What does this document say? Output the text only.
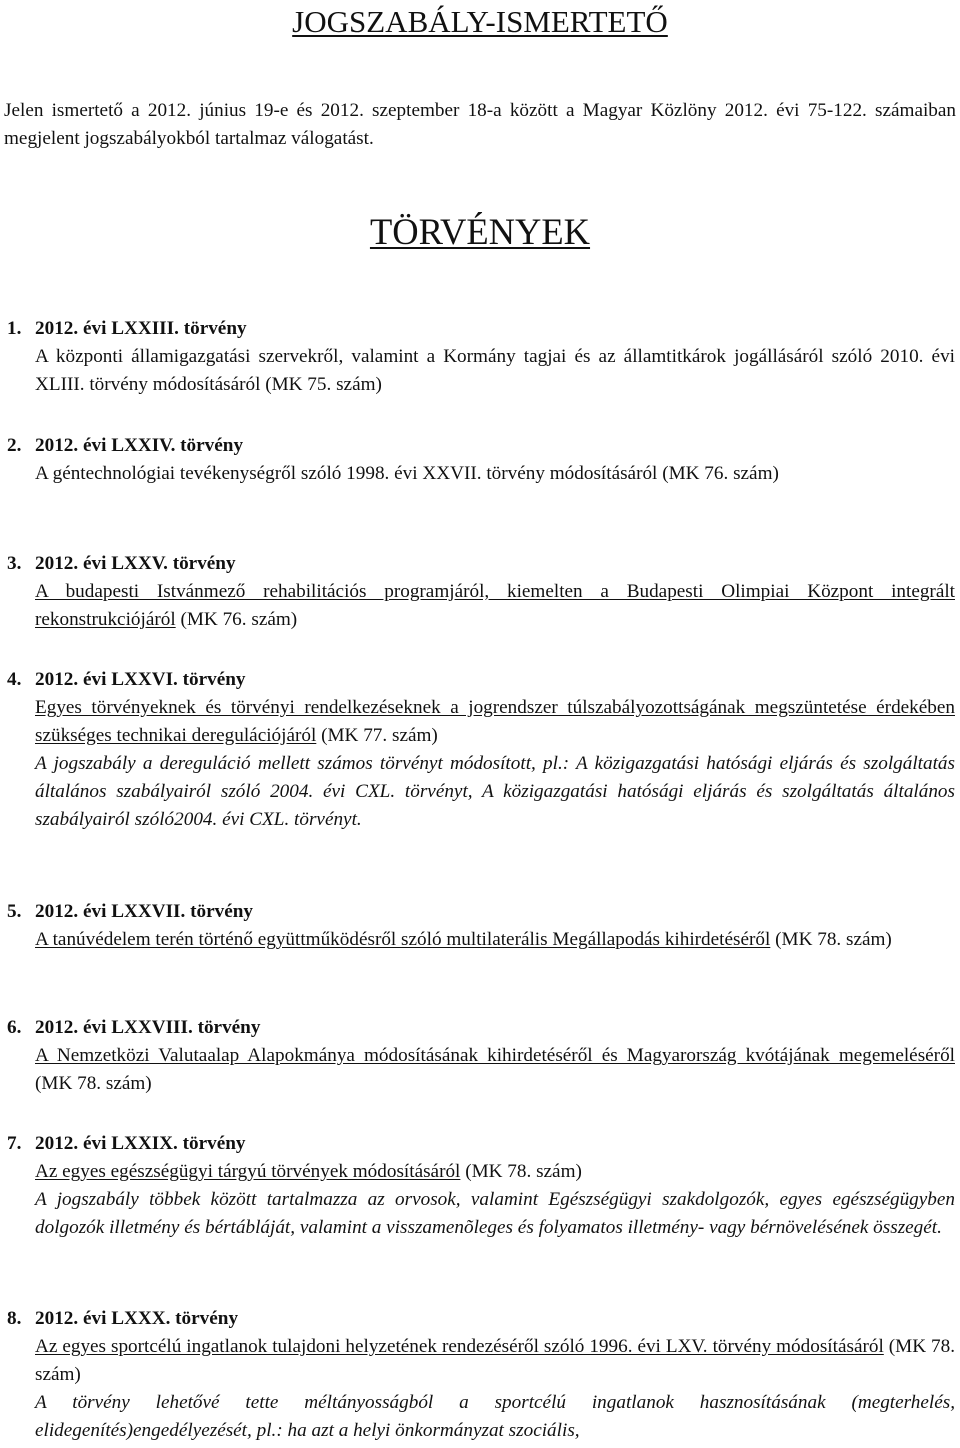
JOGSZABÁLY-ISMERTETŐ
Jelen ismertető a 2012. június 19-e és 2012. szeptember 18-a között a Magyar Közlöny 2012. évi 75-122. számaiban megjelent jogszabályokból tartalmaz válogatást.
TÖRVÉNYEK
1. 2012. évi LXXIII. törvény
A központi államigazgatási szervekről, valamint a Kormány tagjai és az államtitkárok jogállásáról szóló 2010. évi XLIII. törvény módosításáról (MK 75. szám)
2. 2012. évi LXXIV. törvény
A géntechnológiai tevékenységről szóló 1998. évi XXVII. törvény módosításáról (MK 76. szám)
3. 2012. évi LXXV. törvény
A budapesti Istvánmező rehabilitációs programjáról, kiemelten a Budapesti Olimpiai Központ integrált rekonstrukciójáról (MK 76. szám)
4. 2012. évi LXXVI. törvény
Egyes törvényeknek és törvényi rendelkezéseknek a jogrendszer túlszabályozottságának megszüntetése érdekében szükséges technikai deregulációjáról (MK 77. szám)
A jogszabály a dereguláció mellett számos törvényt módosított, pl.: A közigazgatási hatósági eljárás és szolgáltatás általános szabályairól szóló 2004. évi CXL. törvényt, A közigazgatási hatósági eljárás és szolgáltatás általános szabályairól szóló2004. évi CXL. törvényt.
5. 2012. évi LXXVII. törvény
A tanúvédelem terén történő együttműködésről szóló multilaterális Megállapodás kihirdetéséről (MK 78. szám)
6. 2012. évi LXXVIII. törvény
A Nemzetközi Valutaalap Alapokmánya módosításának kihirdetéséről és Magyarország kvótájának megemeléséről (MK 78. szám)
7. 2012. évi LXXIX. törvény
Az egyes egészségügyi tárgyú törvények módosításáról (MK 78. szám)
A jogszabály többek között tartalmazza az orvosok, valamint Egészségügyi szakdolgozók, egyes egészségügyben dolgozók illetmény és bértábláját, valamint a visszamenõleges és folyamatos illetmény- vagy bérnövelésének összegét.
8. 2012. évi LXXX. törvény
Az egyes sportcélú ingatlanok tulajdoni helyzetének rendezéséről szóló 1996. évi LXV. törvény módosításáról (MK 78. szám)
A törvény lehetővé tette méltányosságból a sportcélú ingatlanok hasznosításának (megterhelés, elidegenítés)engedélyezését, pl.: ha azt a helyi önkormányzat szociális,
